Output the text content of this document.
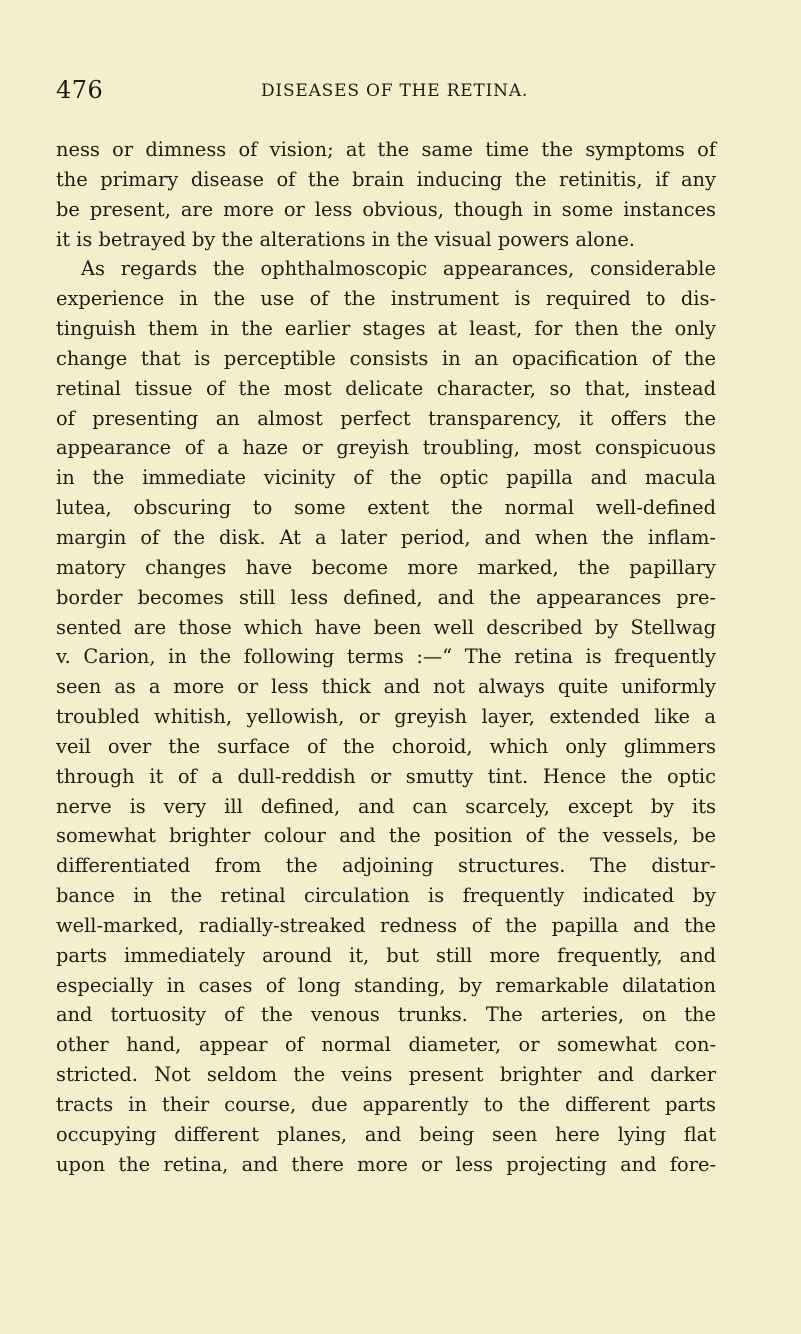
476	DISEASES OF THE RETINA.
ness or dimness of vision; at the same time the symptoms of
the primary disease of the brain inducing the retinitis, if any
be present, are more or less obvious, though in some instances
it is betrayed by the alterations in the visual powers alone.
As regards the ophthalmoscopic appearances, considerable
experience in the use of the instrument is required to dis-
tinguish them in the earlier stages at least, for then the only
change that is perceptible consists in an opacification of the
retinal tissue of the most delicate character, so that, instead
of presenting an almost perfect transparency, it offers the
appearance of a haze or greyish troubling, most conspicuous
in the immediate vicinity of the optic papilla and macula
lutea, obscuring to some extent the normal well-defined
margin of the disk. At a later period, and when the inflam-
matory changes have become more marked, the papillary
border becomes still less defined, and the appearances pre-
sented are those which have been well described by Stellwag
v. Carion, in the following terms :—“ The retina is frequently
seen as a more or less thick and not always quite uniformly
troubled whitish, yellowish, or greyish layer, extended like a
veil over the surface of the choroid, which only glimmers
through it of a dull-reddish or smutty tint. Hence the optic
nerve is very ill defined, and can scarcely, except by its
somewhat brighter colour and the position of the vessels, be
differentiated from the adjoining structures. The distur-
bance in the retinal circulation is frequently indicated by
well-marked, radially-streaked redness of the papilla and the
parts immediately around it, but still more frequently, and
especially in cases of long standing, by remarkable dilatation
and tortuosity of the venous trunks. The arteries, on the
other hand, appear of normal diameter, or somewhat con-
stricted. Not seldom the veins present brighter and darker
tracts in their course, due apparently to the different parts
occupying different planes, and being seen here lying flat
upon the retina, and there more or less projecting and fore-
